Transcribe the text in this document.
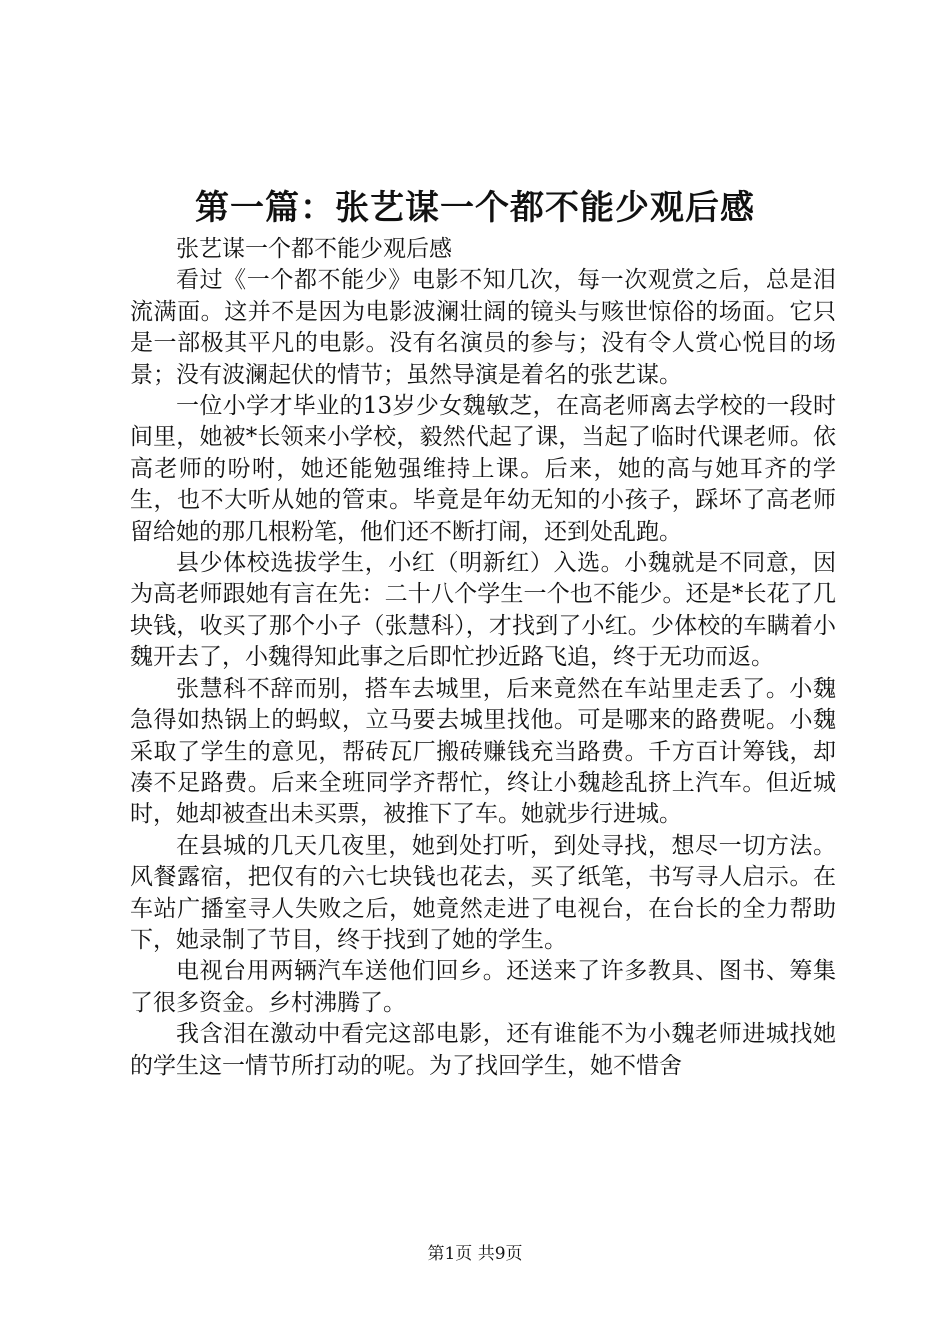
第一篇：张艺谋一个都不能少观后感

张艺谋一个都不能少观后感

看过《一个都不能少》电影不知几次，每一次观赏之后，总是泪流满面。这并不是因为电影波澜壮阔的镜头与赅世惊俗的场面。它只是一部极其平凡的电影。没有名演员的参与；没有令人赏心悦目的场景；没有波澜起伏的情节；虽然导演是着名的张艺谋。

一位小学才毕业的13岁少女魏敏芝，在高老师离去学校的一段时间里，她被*长领来小学校，毅然代起了课，当起了临时代课老师。依高老师的吩咐，她还能勉强维持上课。后来，她的高与她耳齐的学生，也不大听从她的管束。毕竟是年幼无知的小孩子，踩坏了高老师留给她的那几根粉笔，他们还不断打闹，还到处乱跑。

县少体校选拔学生，小红（明新红）入选。小魏就是不同意，因为高老师跟她有言在先：二十八个学生一个也不能少。还是*长花了几块钱，收买了那个小子（张慧科），才找到了小红。少体校的车瞒着小魏开去了，小魏得知此事之后即忙抄近路飞追，终于无功而返。

张慧科不辞而别，搭车去城里，后来竟然在车站里走丢了。小魏急得如热锅上的蚂蚁，立马要去城里找他。可是哪来的路费呢。小魏采取了学生的意见，帮砖瓦厂搬砖赚钱充当路费。千方百计筹钱，却凑不足路费。后来全班同学齐帮忙，终让小魏趁乱挤上汽车。但近城时，她却被查出未买票，被推下了车。她就步行进城。

在县城的几天几夜里，她到处打听，到处寻找，想尽一切方法。风餐露宿，把仅有的六七块钱也花去，买了纸笔，书写寻人启示。在车站广播室寻人失败之后，她竟然走进了电视台，在台长的全力帮助下，她录制了节目，终于找到了她的学生。

电视台用两辆汽车送他们回乡。还送来了许多教具、图书、筹集了很多资金。乡村沸腾了。

我含泪在激动中看完这部电影，还有谁能不为小魏老师进城找她的学生这一情节所打动的呢。为了找回学生，她不惜舍

第1页 共9页
